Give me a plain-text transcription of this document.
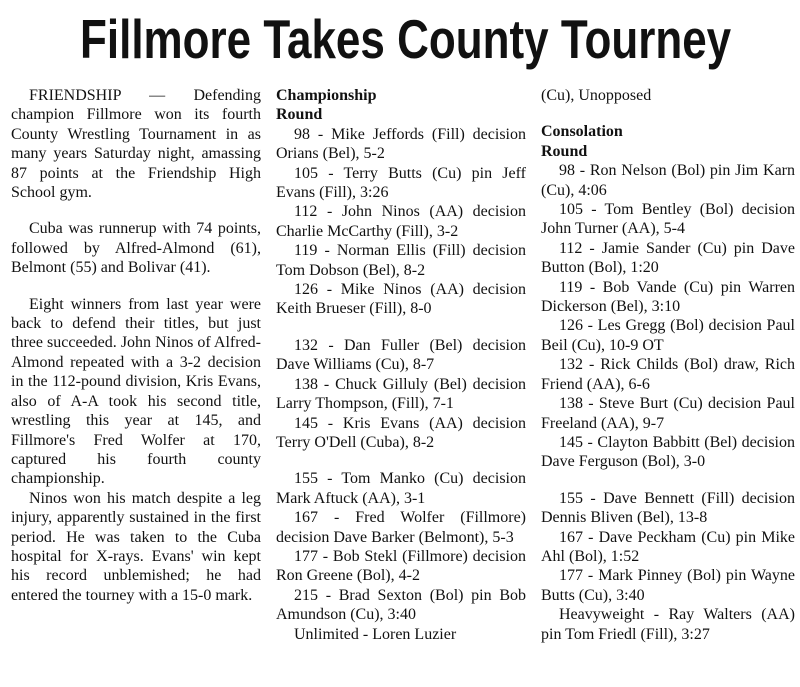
Fillmore Takes County Tourney

FRIENDSHIP — Defending champion Fillmore won its fourth County Wrestling Tournament in as many years Saturday night, amassing 87 points at the Friendship High School gym.

Cuba was runnerup with 74 points, followed by Alfred-Almond (61), Belmont (55) and Bolivar (41).

Eight winners from last year were back to defend their titles, but just three succeeded. John Ninos of Alfred-Almond repeated with a 3-2 decision in the 112-pound division, Kris Evans, also of A-A took his second title, wrestling this year at 145, and Fillmore's Fred Wolfer at 170, captured his fourth county championship.

Ninos won his match despite a leg injury, apparently sustained in the first period. He was taken to the Cuba hospital for X-rays. Evans' win kept his record unblemished; he had entered the tourney with a 15-0 mark.

Championship

Round

98 - Mike Jeffords (Fill) decision Orians (Bel), 5-2

105 - Terry Butts (Cu) pin Jeff Evans (Fill), 3:26

112 - John Ninos (AA) decision Charlie McCarthy (Fill), 3-2

119 - Norman Ellis (Fill) decision Tom Dobson (Bel), 8-2

126 - Mike Ninos (AA) decision Keith Brueser (Fill), 8-0

132 - Dan Fuller (Bel) decision Dave Williams (Cu), 8-7

138 - Chuck Gilluly (Bel) decision Larry Thompson, (Fill), 7-1

145 - Kris Evans (AA) decision Terry O'Dell (Cuba), 8-2

155 - Tom Manko (Cu) decision Mark Aftuck (AA), 3-1

167 - Fred Wolfer (Fillmore) decision Dave Barker (Belmont), 5-3

177 - Bob Stekl (Fillmore) decision Ron Greene (Bol), 4-2

215 - Brad Sexton (Bol) pin Bob Amundson (Cu), 3:40

Unlimited - Loren Luzier

(Cu), Unopposed

Consolation

Round

98 - Ron Nelson (Bol) pin Jim Karn (Cu), 4:06

105 - Tom Bentley (Bol) decision John Turner (AA), 5-4

112 - Jamie Sander (Cu) pin Dave Button (Bol), 1:20

119 - Bob Vande (Cu) pin Warren Dickerson (Bel), 3:10

126 - Les Gregg (Bol) decision Paul Beil (Cu), 10-9 OT

132 - Rick Childs (Bol) draw, Rich Friend (AA), 6-6

138 - Steve Burt (Cu) decision Paul Freeland (AA), 9-7

145 - Clayton Babbitt (Bel) decision Dave Ferguson (Bol), 3-0

155 - Dave Bennett (Fill) decision Dennis Bliven (Bel), 13-8

167 - Dave Peckham (Cu) pin Mike Ahl (Bol), 1:52

177 - Mark Pinney (Bol) pin Wayne Butts (Cu), 3:40

Heavyweight - Ray Walters (AA) pin Tom Friedl (Fill), 3:27
